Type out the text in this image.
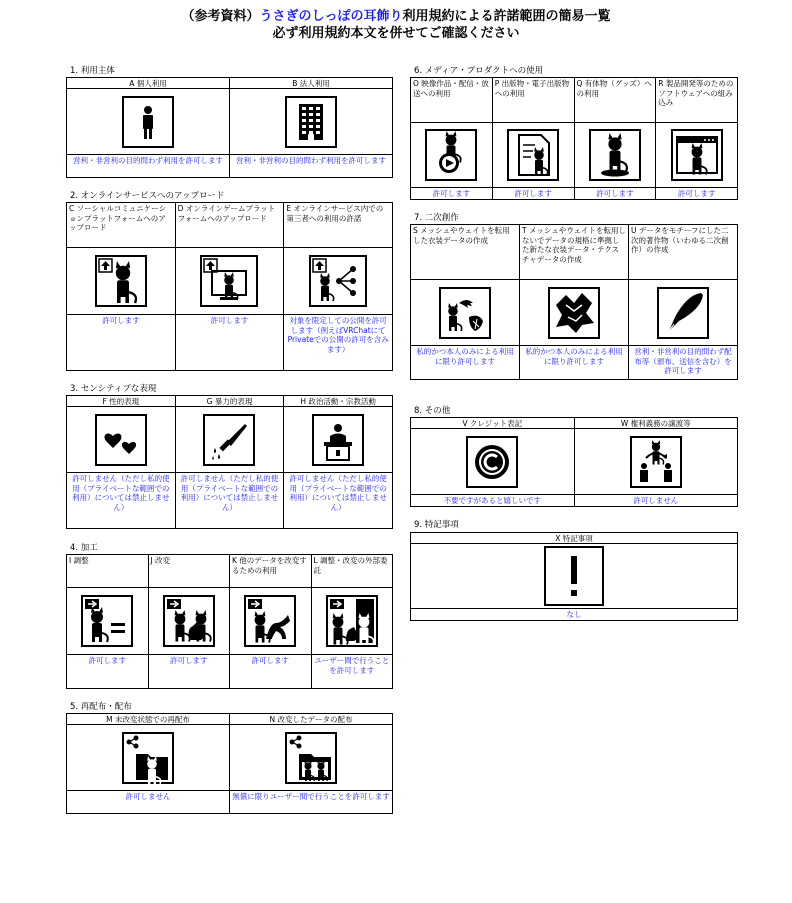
（参考資料）うさぎのしっぽの耳飾り利用規約による許諾範囲の簡易一覧
必ず利用規約本文を併せてご確認ください
1. 利用主体
A 個人利用
営利・非営利の目的問わず利用を許可します
B 法人利用
営利・非営利の目的問わず利用を許可します
2. オンラインサービスへのアップロード
C ソーシャルコミュニケーションプラットフォームへのアップロード
許可します
D オンラインゲームプラットフォームへのアップロード
許可します
E オンラインサービス内での第三者への利用の許諾
対象を限定しての公開を許可します（例えばVRChatにてPrivateでの公開の許可を含みます）
3. センシティブな表現
F 性的表現
許可しません（ただし私的使用（プライベートな範囲での利用）については禁止しません）
G 暴力的表現
許可しません（ただし私的使用（プライベートな範囲での利用）については禁止しません）
H 政治活動・宗教活動
許可しません（ただし私的使用（プライベートな範囲での利用）については禁止しません）
4. 加工
I 調整
許可します
J 改変
許可します
K 他のデータを改変するための利用
許可します
L 調整・改変の外部委託
ユーザー間で行うことを許可します
5. 再配布・配布
M 未改変状態での再配布
許可しません
N 改変したデータの配布
無償に限りユーザー間で行うことを許可します
6. メディア・プロダクトへの使用
O 映像作品・配信・放送への利用
許可します
P 出版物・電子出版物への利用
許可します
Q 有体物（グッズ）への利用
許可します
R 製品開発等のためのソフトウェアへの組み込み
許可します
7. 二次創作
S メッシュやウェイトを転用した衣装データの作成
私的かつ本人のみによる利用に限り許可します
T メッシュやウェイトを転用しないでデータの規格に準拠した新たな衣装データ・テクスチャデータの作成
私的かつ本人のみによる利用に限り許可します
U データをモチーフにした二次的著作物（いわゆる二次創作）の作成
営利・非営利の目的問わず配布等（頒布、送信を含む）を許可します
8. その他
V クレジット表記
不要ですがあると嬉しいです
W 権利義務の譲渡等
許可しません
9. 特記事項
X 特記事項
なし
